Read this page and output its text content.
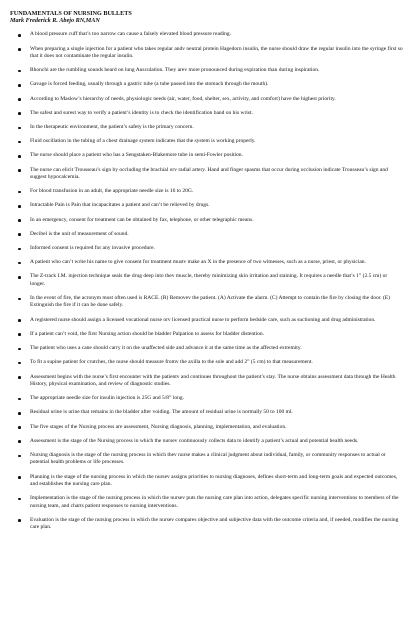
FUNDAMENTALS OF NURSING BULLETS

Mark Frederick R. Abejo RN,MAN

A blood pressure cuff that’s too narrow can cause a falsely elevated blood pressure reading.
When preparing a single injection for a patient who takes regular andv neutral protein Hagedorn insulin, the nurse should draw the regular insulin into the syringe first so that it does not contaminate the regular insulin.
Rhonchi are the rumbling sounds heard on lung Ausculation. They arev more pronounced during expiration than during inspiration.
Gavage is forced feeding, usually through a gastric tube (a tube passed into the stomach through the mouth).
According to Maslow’s hierarchy of needs, physiologic needs (air, water, food, shelter, sex, activity, and comfort) have the highest priority.
The safest and surest way to verify a patient’s identity is to check the identification band on his wrist.
In the therapeutic environment, the patient’s safety is the primary concern.
Fluid oscillation in the tubing of a chest drainage system indicates that the system is working properly.
The nurse should place a patient who has a Sengstaken-Blakemore tube in semi-Fowler position.
The nurse can elicit Trousseau’s sign by occluding the brachial orv radial artery. Hand and finger spasms that occur during occlusion indicate Trousseau’s sign and suggest hypocalcemia.
For blood transfusion in an adult, the appropriate needle size is 16 to 20G.
Intractable Pain is Pain that incapacitates a patient and can’t be relieved by drugs.
In an emergency, consent for treatment can be obtained by fax, telephone, or other telegraphic means.
Decibel is the unit of measurement of sound.
Informed consent is required for any invasive procedure.
A patient who can’t write his name to give consent for treatment mustv make an X in the presence of two witnesses, such as a nurse, priest, or physician.
The Z-track I.M. injection technique seals the drug deep into thev muscle, thereby minimizing skin irritation and staining. It requires a needle that’s 1” (2.5 cm) or longer.
In the event of fire, the acronym most often used is RACE. (R) Removev the patient. (A) Activate the alarm. (C) Attempt to contain the fire by closing the door. (E) Extinguish the fire if it can be done safely.
A registered nurse should assign a licensed vocational nurse orv licensed practical nurse to perform bedside care, such as suctioning and drug administration.
If a patient can’t void, the first Nursing action should be bladder Palpation to assess for bladder distention.
The patient who uses a cane should carry it on the unaffected side and advance it at the same time as the affected extremity.
To fit a supine patient for crutches, the nurse should measure fromv the axilla to the sole and add 2” (5 cm) to that measurement.
Assessment begins with the nurse’s first encounter with the patientv and continues throughout the patient’s stay. The nurse obtains assessment data through the Health History, physical examination, and review of diagnostic studies.
The appropriate needle size for insulin injection is 25G and 5/8” long.
Residual urine is urine that remains in the bladder after voiding. The amount of residual urine is normally 50 to 100 ml.
The five stages of the Nursing process are assessment, Nursing diagnosis, planning, implementation, and evaluation.
Assessment is the stage of the Nursing process in which the nursev continuously collects data to identify a patient’s actual and potential health needs.
Nursing diagnosis is the stage of the nursing process in which thev nurse makes a clinical judgment about individual, family, or community responses to actual or potential health problems or life processes.
Planning is the stage of the nursing process in which the nursev assigns priorities to nursing diagnoses, defines short-term and long-term goals and expected outcomes, and establishes the nursing care plan.
Implementation is the stage of the nursing process in which the nursev puts the nursing care plan into action, delegates specific nursing interventions to members of the nursing team, and charts patient responses to nursing interventions.
Evaluation is the stage of the nursing process in which the nursev compares objective and subjective data with the outcome criteria and, if needed, modifies the nursing care plan.
